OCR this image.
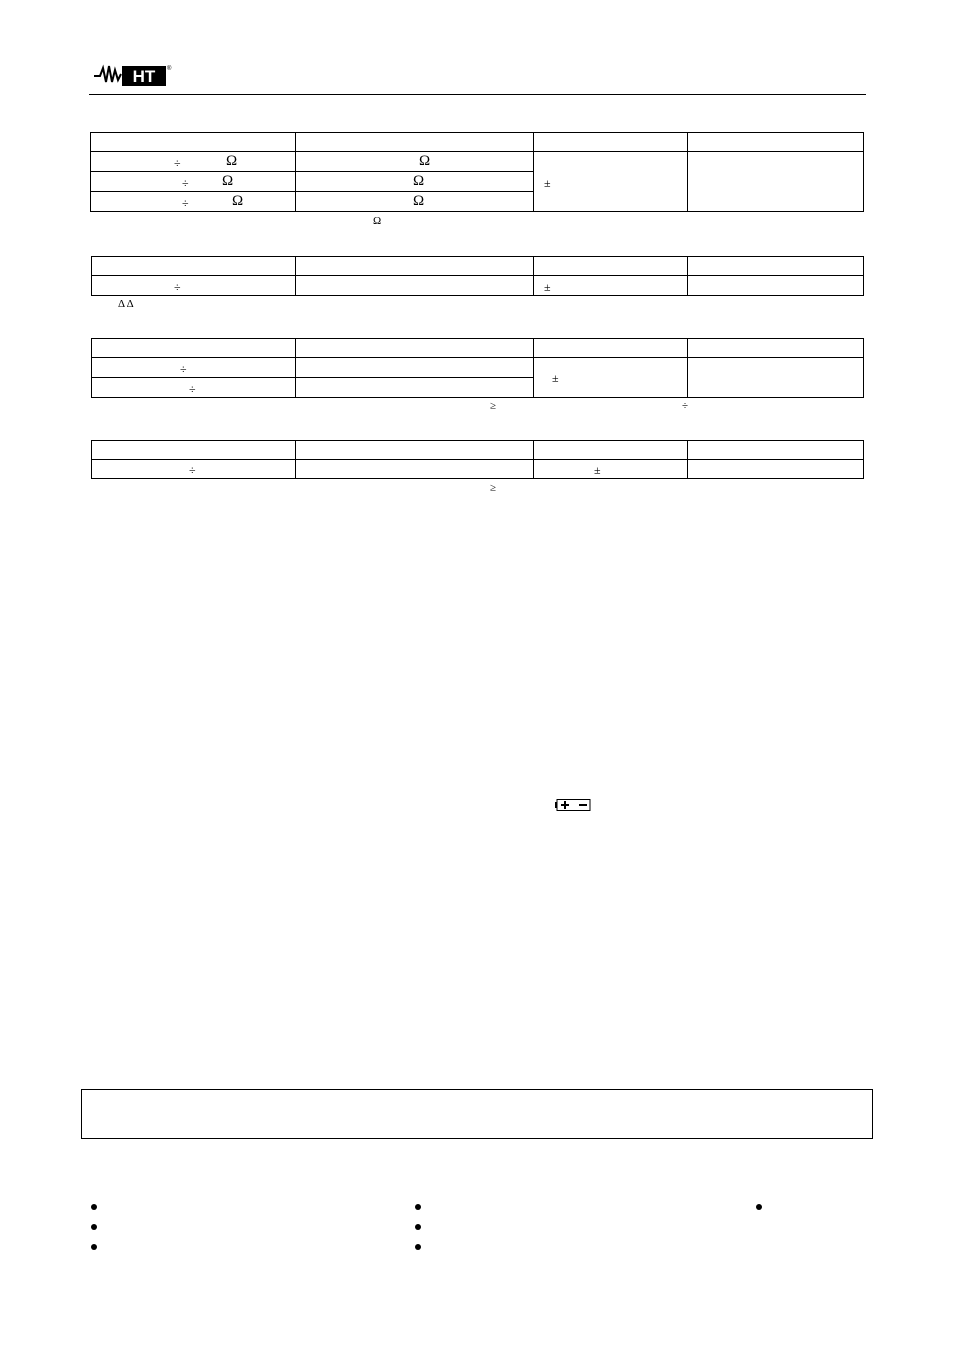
HT ®

÷ Ω	Ω	±	

÷ Ω	Ω		

÷ Ω	Ω		
Ω

÷		±	

Δ Δ

÷		±	

÷			

≥	÷

÷		±	

≥
